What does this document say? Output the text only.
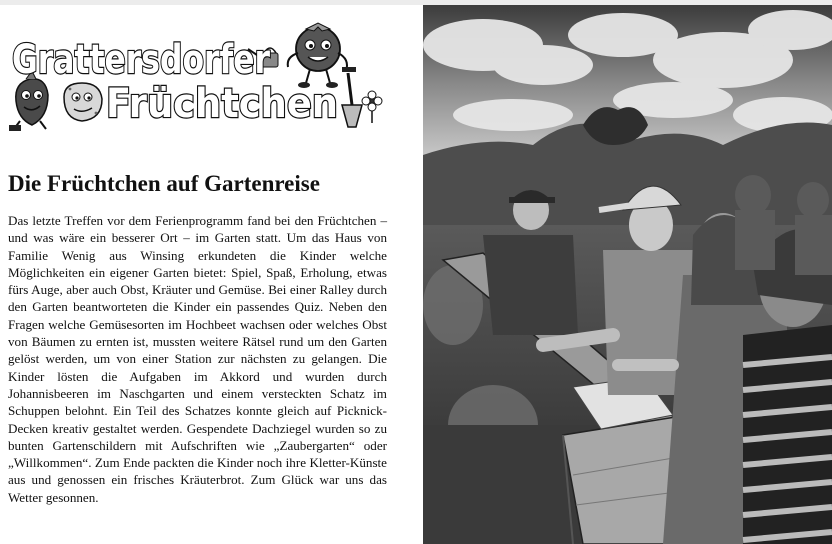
Grattersdorfer
Früchtchen
Die Früchtchen auf Gartenreise

Das letzte Treffen vor dem Ferienprogramm fand bei den Früchtchen – und was wäre ein besserer Ort – im Garten statt. Um das Haus von Familie Wenig aus Winsing erkundeten die Kinder welche Möglichkeiten ein eigener Garten bietet: Spiel, Spaß, Erholung, etwas fürs Auge, aber auch Obst, Kräuter und Gemüse. Bei einer Ralley durch den Garten beantworteten die Kinder ein passendes Quiz. Neben den Fragen welche Gemüsesorten im Hochbeet wachsen oder welches Obst von Bäumen zu ernten ist, mussten weitere Rätsel rund um den Garten gelöst werden, um von einer Station zur nächsten zu gelangen. Die Kinder lösten die Aufgaben im Akkord und wurden durch Johannisbeeren im Naschgarten und einem versteckten Schatz im Schuppen belohnt. Ein Teil des Schatzes konnte gleich auf Picknick-Decken kreativ gestaltet werden. Gespendete Dachziegel wurden so zu bunten Gartenschildern mit Aufschriften wie „Zaubergarten“ oder „Willkommen“. Zum Ende packten die Kinder noch ihre Kletter-Künste aus und genossen ein frisches Kräuterbrot. Zum Glück war uns das Wetter gesonnen.
